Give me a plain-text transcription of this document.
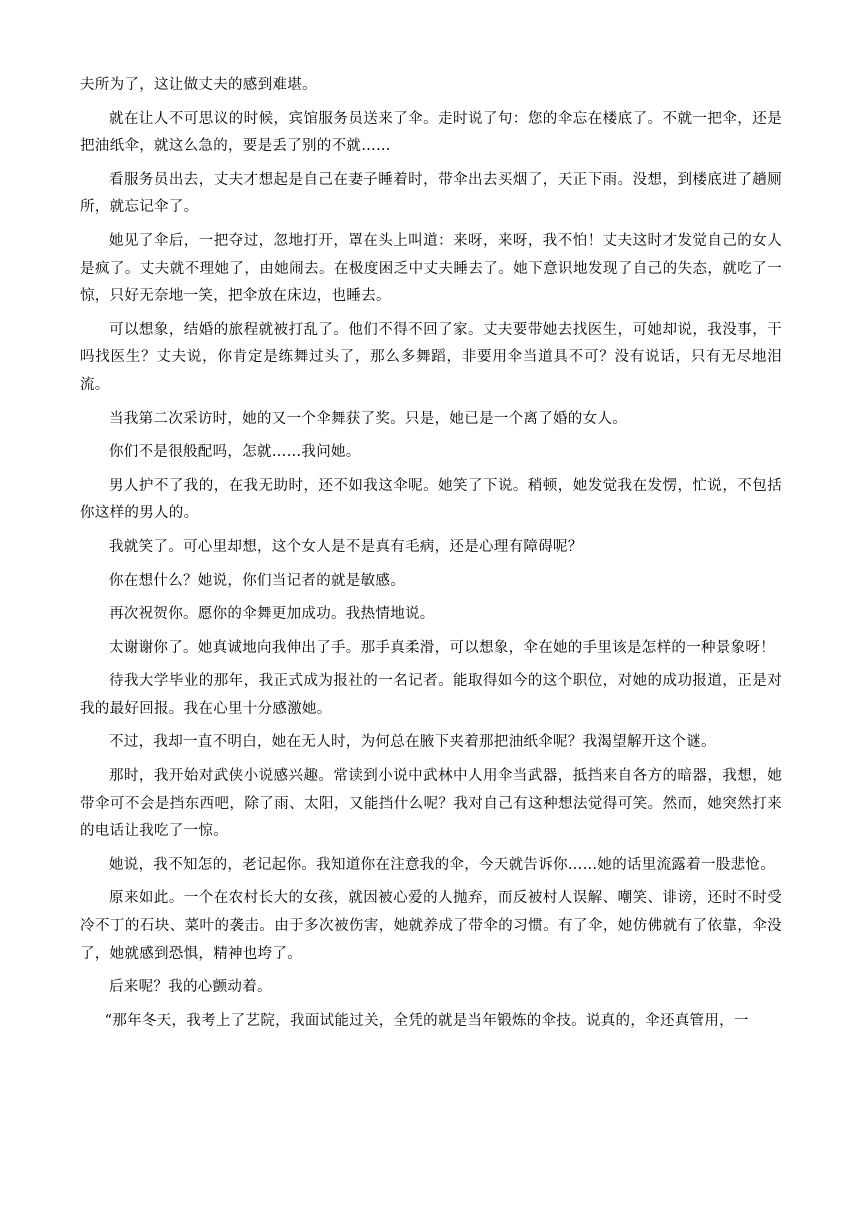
夫所为了，这让做丈夫的感到难堪。

就在让人不可思议的时候，宾馆服务员送来了伞。走时说了句：您的伞忘在楼底了。不就一把伞，还是把油纸伞，就这么急的，要是丢了别的不就……

看服务员出去，丈夫才想起是自己在妻子睡着时，带伞出去买烟了，天正下雨。没想，到楼底进了趟厕所，就忘记伞了。

她见了伞后，一把夺过，忽地打开，罩在头上叫道：来呀，来呀，我不怕！丈夫这时才发觉自己的女人是疯了。丈夫就不理她了，由她闹去。在极度困乏中丈夫睡去了。她下意识地发现了自己的失态，就吃了一惊，只好无奈地一笑，把伞放在床边，也睡去。

可以想象，结婚的旅程就被打乱了。他们不得不回了家。丈夫要带她去找医生，可她却说，我没事，干吗找医生？丈夫说，你肯定是练舞过头了，那么多舞蹈，非要用伞当道具不可？没有说话，只有无尽地泪流。

当我第二次采访时，她的又一个伞舞获了奖。只是，她已是一个离了婚的女人。

你们不是很般配吗，怎就……我问她。

男人护不了我的，在我无助时，还不如我这伞呢。她笑了下说。稍顿，她发觉我在发愣，忙说，不包括你这样的男人的。

我就笑了。可心里却想，这个女人是不是真有毛病，还是心理有障碍呢？

你在想什么？她说，你们当记者的就是敏感。

再次祝贺你。愿你的伞舞更加成功。我热情地说。

太谢谢你了。她真诚地向我伸出了手。那手真柔滑，可以想象，伞在她的手里该是怎样的一种景象呀！

待我大学毕业的那年，我正式成为报社的一名记者。能取得如今的这个职位，对她的成功报道，正是对我的最好回报。我在心里十分感激她。

不过，我却一直不明白，她在无人时，为何总在腋下夹着那把油纸伞呢？我渴望解开这个谜。

那时，我开始对武侠小说感兴趣。常读到小说中武林中人用伞当武器，抵挡来自各方的暗器，我想，她带伞可不会是挡东西吧，除了雨、太阳，又能挡什么呢？我对自己有这种想法觉得可笑。然而，她突然打来的电话让我吃了一惊。

她说，我不知怎的，老记起你。我知道你在注意我的伞，今天就告诉你……她的话里流露着一股悲怆。

原来如此。一个在农村长大的女孩，就因被心爱的人抛弃，而反被村人误解、嘲笑、诽谤，还时不时受冷不丁的石块、菜叶的袭击。由于多次被伤害，她就养成了带伞的习惯。有了伞，她仿佛就有了依靠，伞没了，她就感到恐惧，精神也垮了。

后来呢？我的心颤动着。

“那年冬天，我考上了艺院，我面试能过关，全凭的就是当年锻炼的伞技。说真的，伞还真管用，一
